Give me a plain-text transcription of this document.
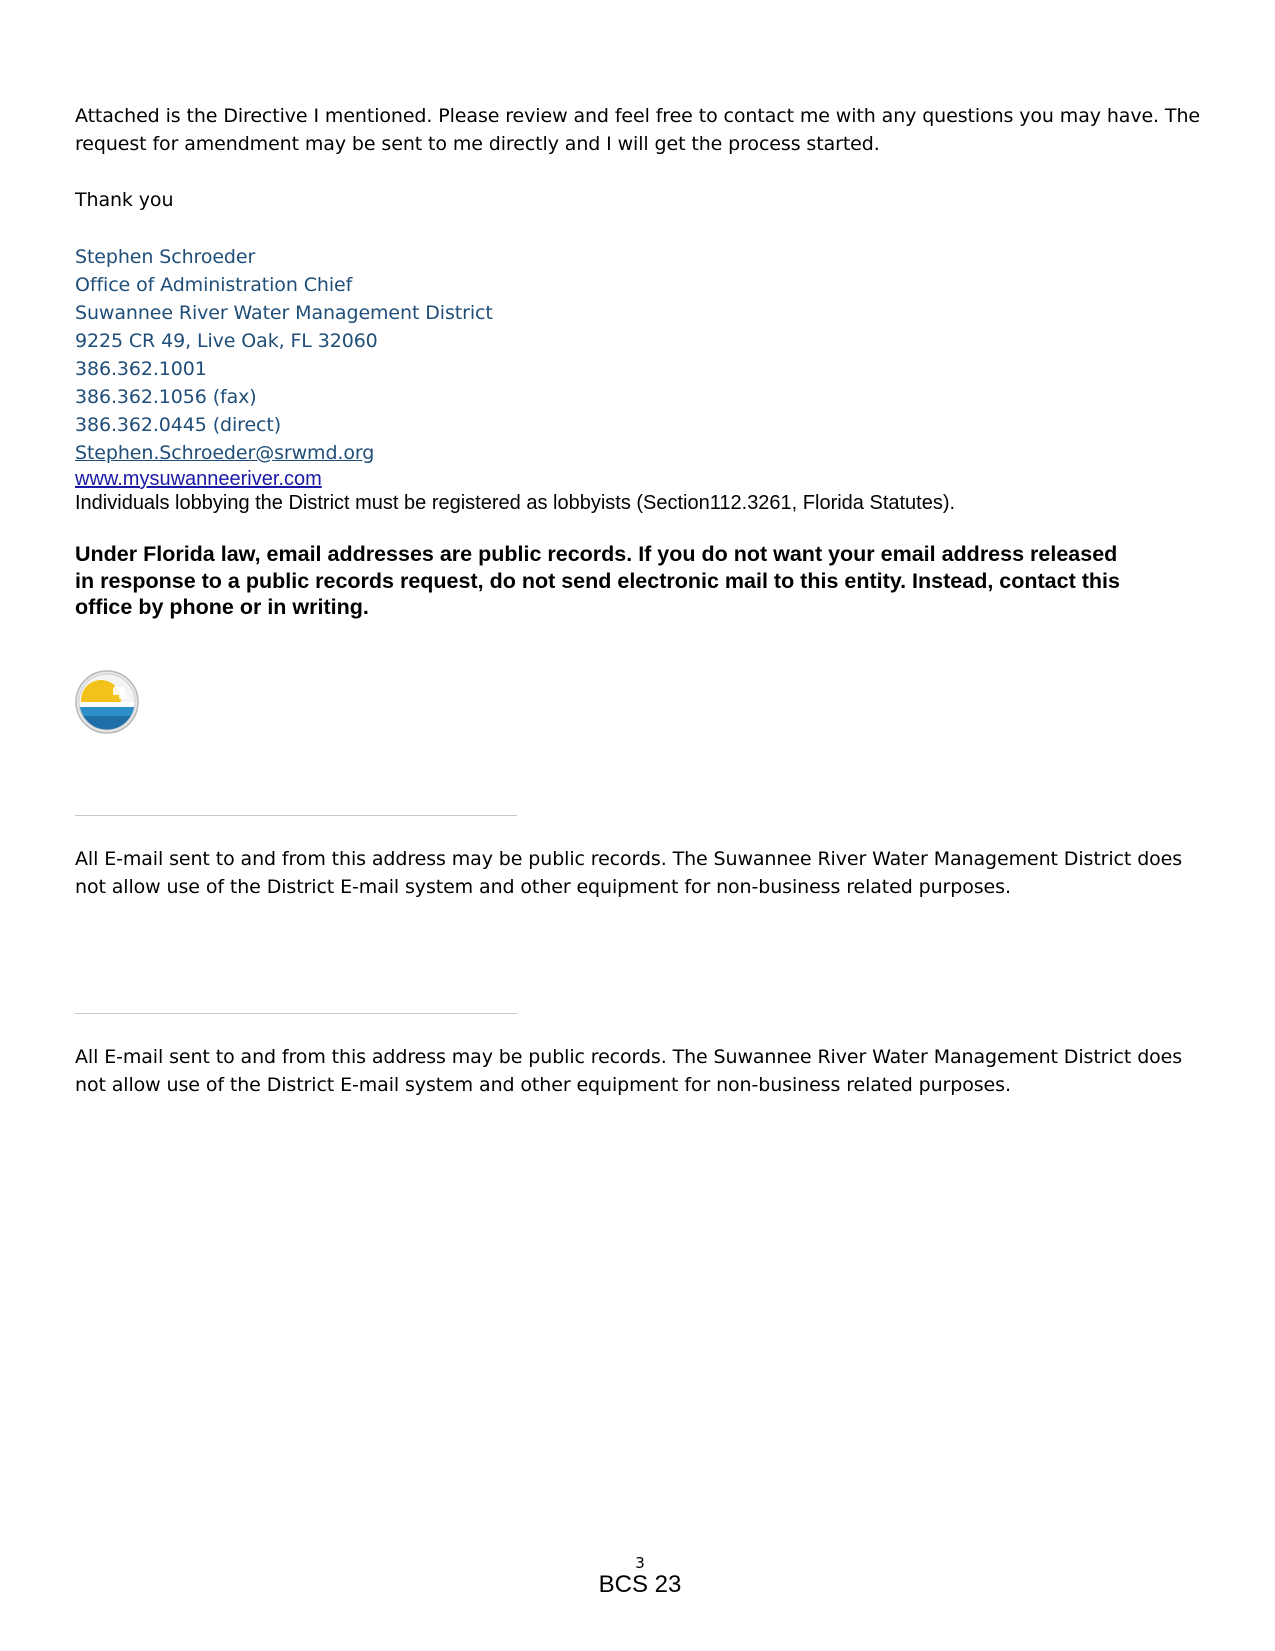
Attached is the Directive I mentioned. Please review and feel free to contact me with any questions you may have. The
request for amendment may be sent to me directly and I will get the process started.
Thank you
Stephen Schroeder
Office of Administration Chief
Suwannee River Water Management District
9225 CR 49, Live Oak, FL 32060
386.362.1001
386.362.1056 (fax)
386.362.0445 (direct)
Stephen.Schroeder@srwmd.org
www.mysuwanneeriver.com
Individuals lobbying the District must be registered as lobbyists (Section112.3261, Florida Statutes).
Under Florida law, email addresses are public records. If you do not want your email address released
in response to a public records request, do not send electronic mail to this entity. Instead, contact this
office by phone or in writing.
All E-mail sent to and from this address may be public records. The Suwannee River Water Management District does
not allow use of the District E-mail system and other equipment for non-business related purposes.
All E-mail sent to and from this address may be public records. The Suwannee River Water Management District does
not allow use of the District E-mail system and other equipment for non-business related purposes.
3
BCS 23
